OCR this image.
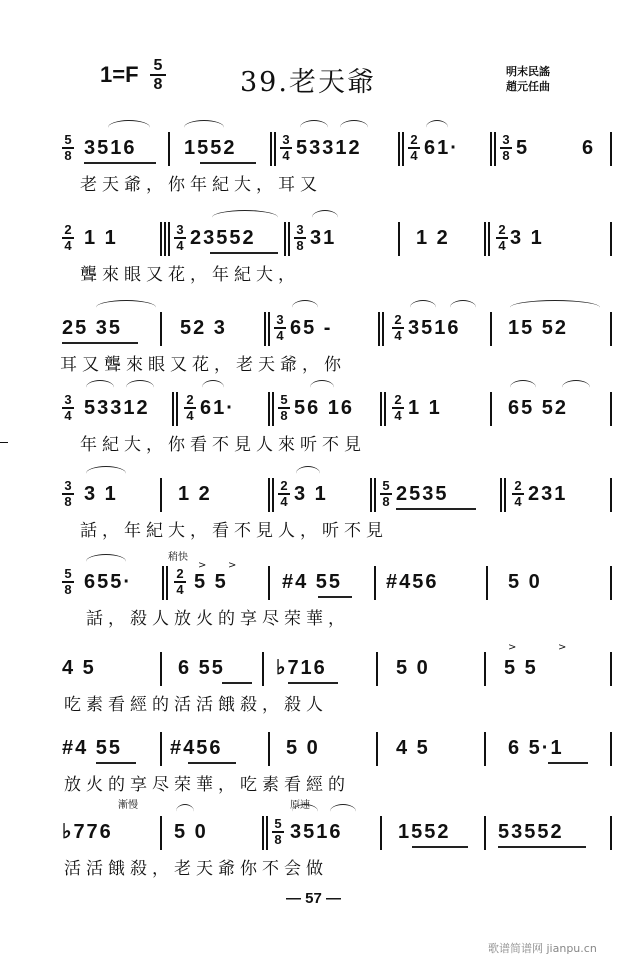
1=F 5
8	39.老天爺	明末民謠
趙元任曲
5
8 3516 1552	53312	61·	5	6
3
4
2
4
3
8
老天爺，你年紀大，耳又
2
4 1 1	23552	31	1 2	3 1
3
4
3
8
2
4
聾來眼又花，年紀大，
25 35	52 3	65 -	3516 15 52
3
4
2
4
耳又聾來眼又花，老天爺，你
3
4 53312	61·	56 16	1 1	65 52
2
4
5
8
2
4
年紀大，你看不見人來听不見
3
8 3 1	1 2	3 1	2535	231
2
4
5
8
2
4
話，年紀大，看不見人，听不見
稍快
> >
5
8 655·	5 5	#4 55 #456	5 0
2
4
話，殺人放火的享尽荣華，
>	>
4 5	6 55	♭716	5 0	5 5
吃素看經的活活餓殺，殺人
#4 55 #456	5 0	4 5	6 5·1
放火的享尽荣華，吃素看經的
漸慢	原速
♭776	5 0	3516	1552 53552
5
8
活活餓殺，老天爺你不会做
— 57 —
歌谱简谱网 jianpu.cn
